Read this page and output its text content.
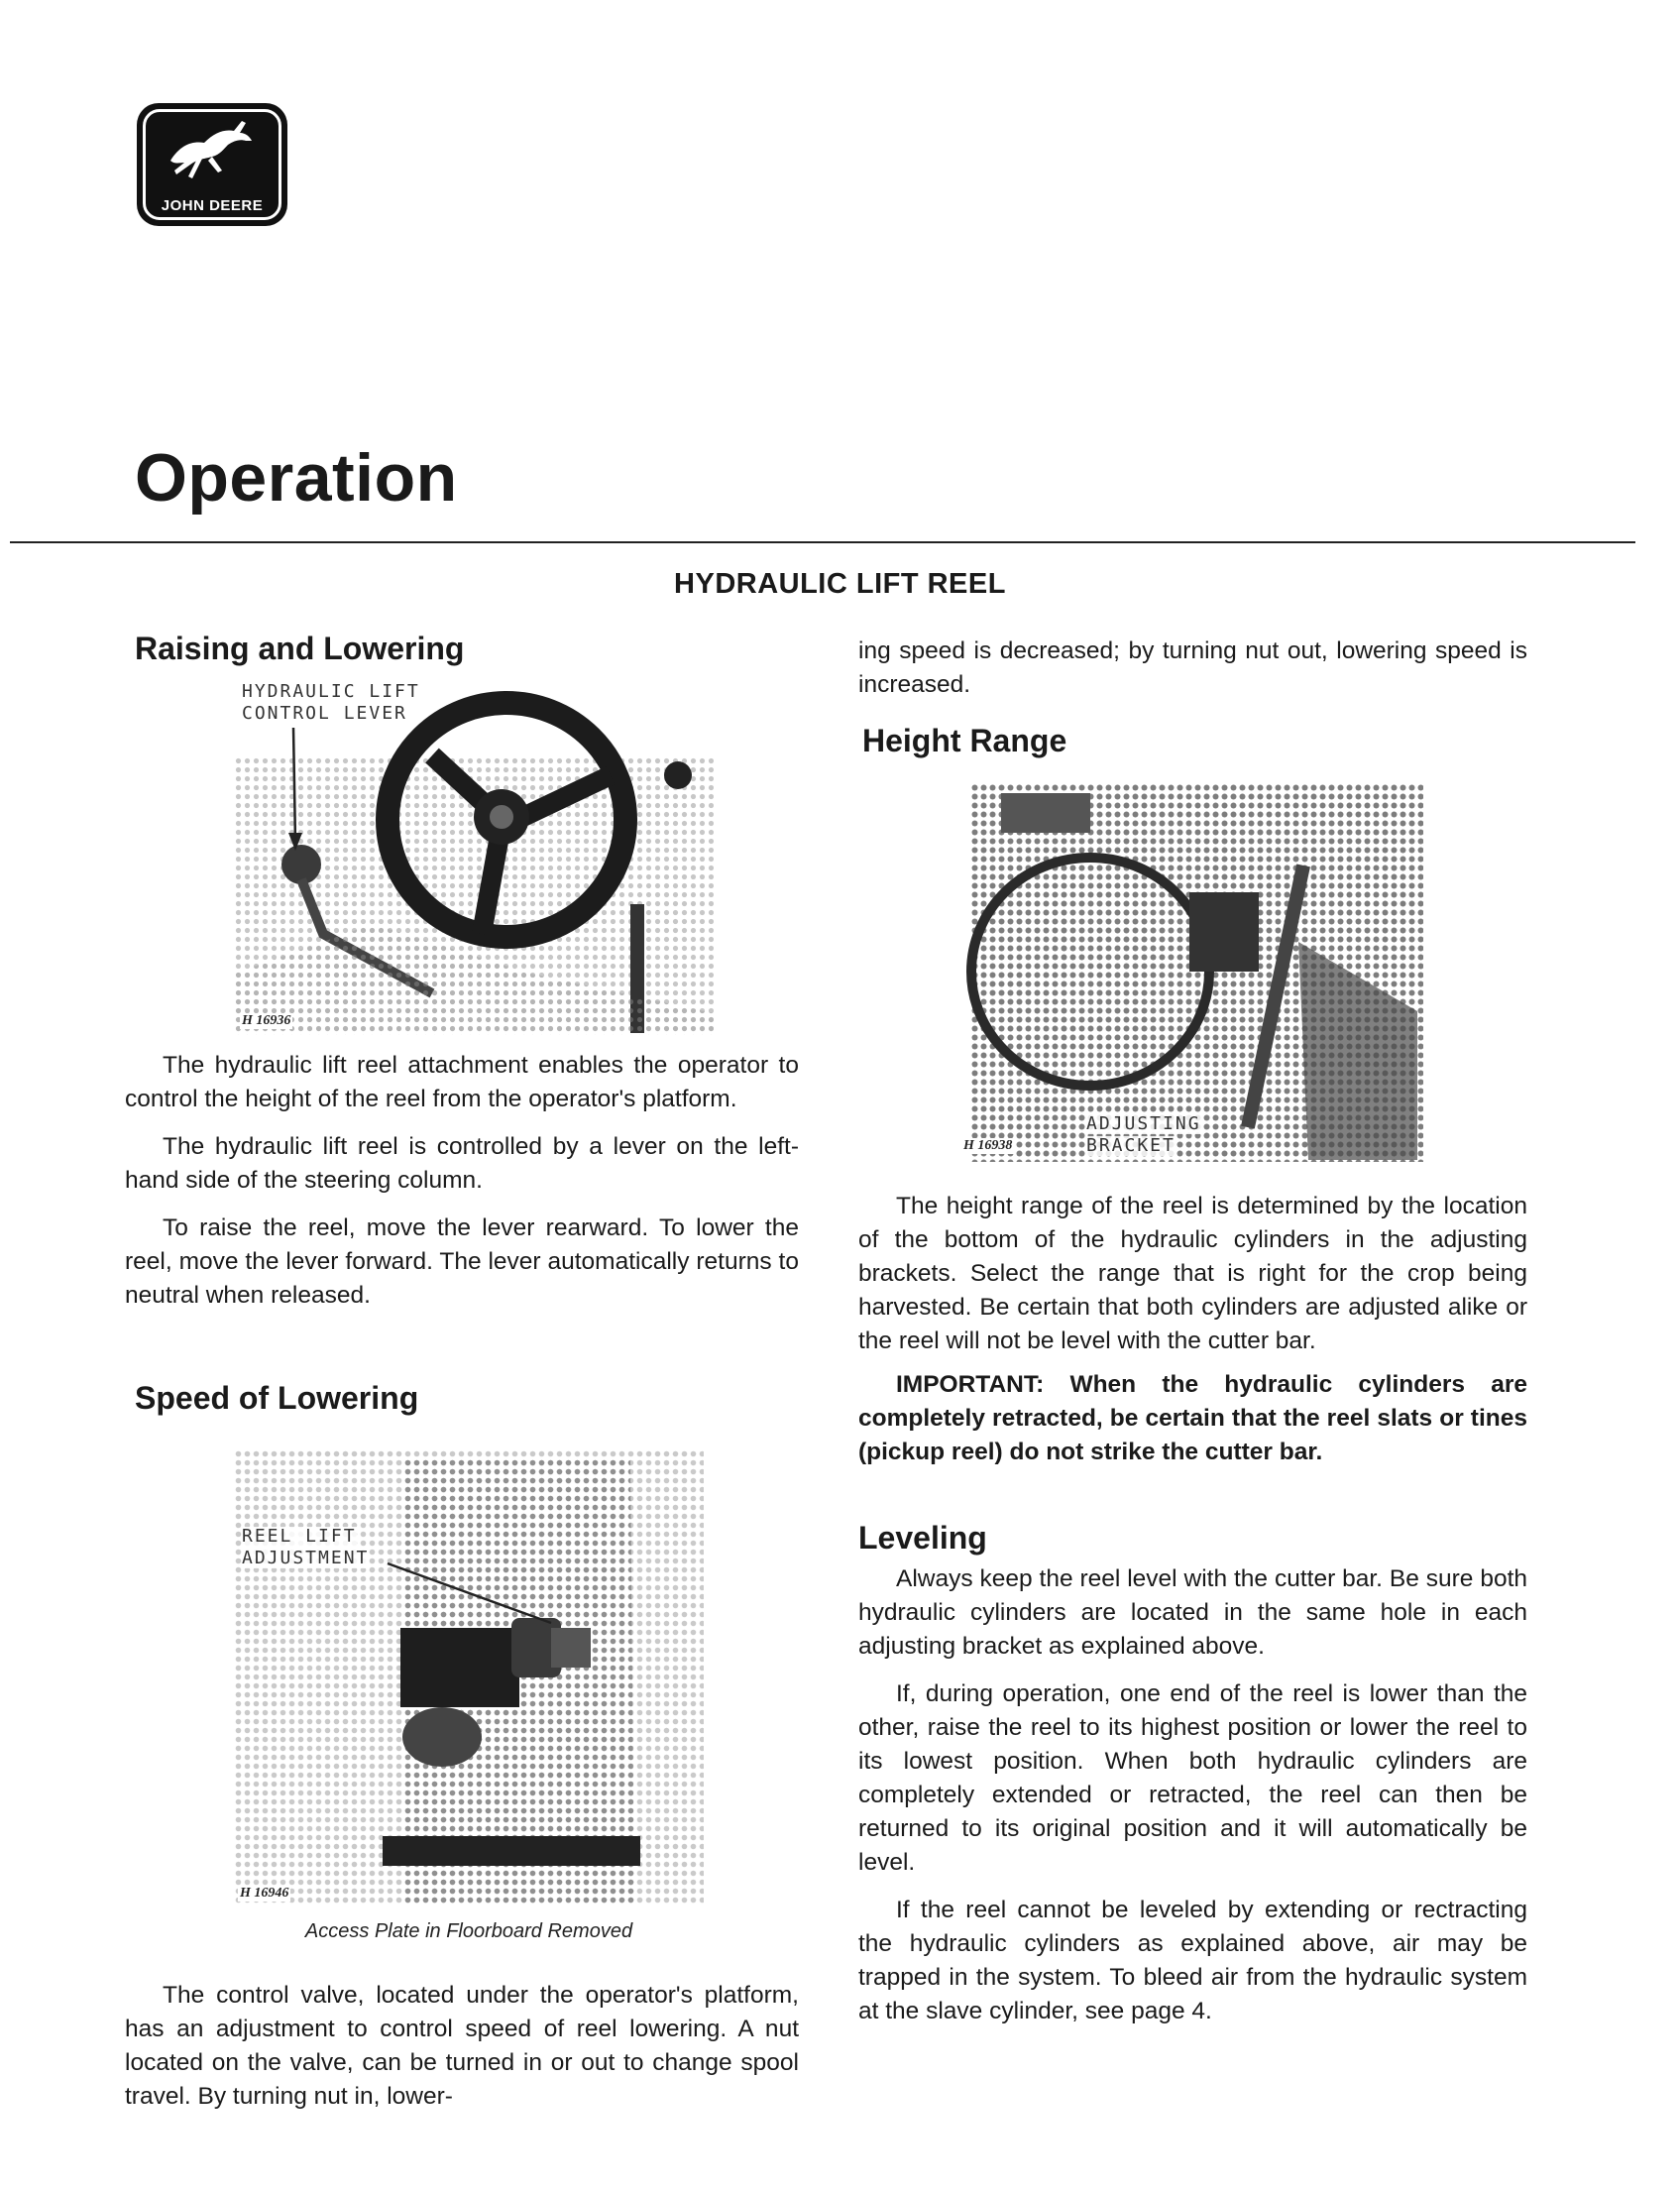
JOHN DEERE
Operation
HYDRAULIC LIFT REEL
Raising and Lowering
HYDRAULIC LIFT
CONTROL LEVER
H 16936

The hydraulic lift reel attachment enables the operator to control the height of the reel from the operator's platform.

The hydraulic lift reel is controlled by a lever on the left-hand side of the steering column.

To raise the reel, move the lever rearward. To lower the reel, move the lever forward. The lever automatically returns to neutral when released.

Speed of Lowering
REEL LIFT
ADJUSTMENT
H 16946
Access Plate in Floorboard Removed

The control valve, located under the operator's platform, has an adjustment to control speed of reel lowering. A nut located on the valve, can be turned in or out to change spool travel. By turning nut in, lower-

ing speed is decreased; by turning nut out, lowering speed is increased.

Height Range
ADJUSTING
BRACKET
H 16938

The height range of the reel is determined by the location of the bottom of the hydraulic cylinders in the adjusting brackets. Select the range that is right for the crop being harvested. Be certain that both cylinders are adjusted alike or the reel will not be level with the cutter bar.

IMPORTANT: When the hydraulic cylinders are completely retracted, be certain that the reel slats or tines (pickup reel) do not strike the cutter bar.

Leveling

Always keep the reel level with the cutter bar. Be sure both hydraulic cylinders are located in the same hole in each adjusting bracket as explained above.

If, during operation, one end of the reel is lower than the other, raise the reel to its highest position or lower the reel to its lowest position. When both hydraulic cylinders are completely extended or retracted, the reel can then be returned to its original position and it will automatically be level.

If the reel cannot be leveled by extending or rectracting the hydraulic cylinders as explained above, air may be trapped in the system. To bleed air from the hydraulic system at the slave cylinder, see page 4.
